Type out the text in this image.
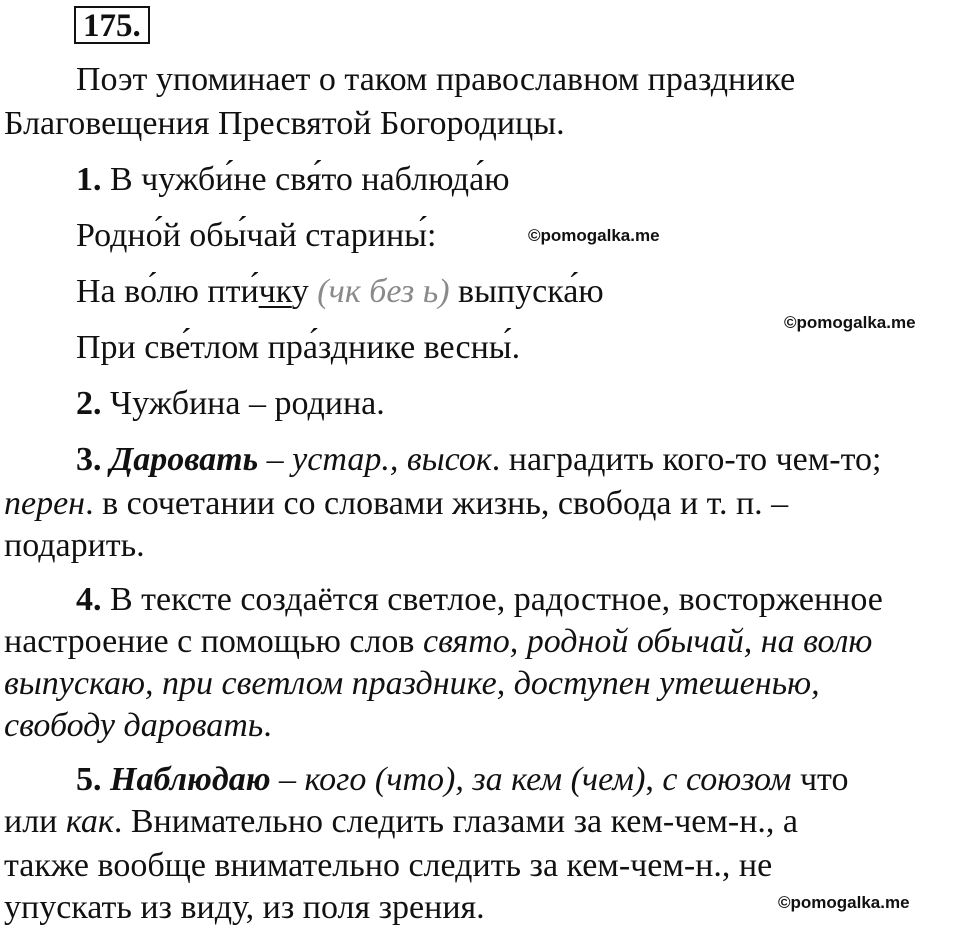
175.
Поэт упоминает о таком православном празднике
Благовещения Пресвятой Богородицы.
1. В чужби́не свя́то наблюда́ю
Родно́й обы́чай старины́:
На во́лю пти́чку (чк без ь) выпуска́ю
При све́тлом пра́зднике весны́.
2. Чужбина – родина.
3. Даровать – устар., высок. наградить кого-то чем-то;
перен. в сочетании со словами жизнь, свобода и т. п. –
подарить.
4. В тексте создаётся светлое, радостное, восторженное
настроение с помощью слов свято, родной обычай, на волю
выпускаю, при светлом празднике, доступен утешенью,
свободу даровать.
5. Наблюдаю – кого (что), за кем (чем), с союзом что
или как. Внимательно следить глазами за кем-чем-н., а
также вообще внимательно следить за кем-чем-н., не
упускать из виду, из поля зрения.
©pomogalka.me
©pomogalka.me
©pomogalka.me
